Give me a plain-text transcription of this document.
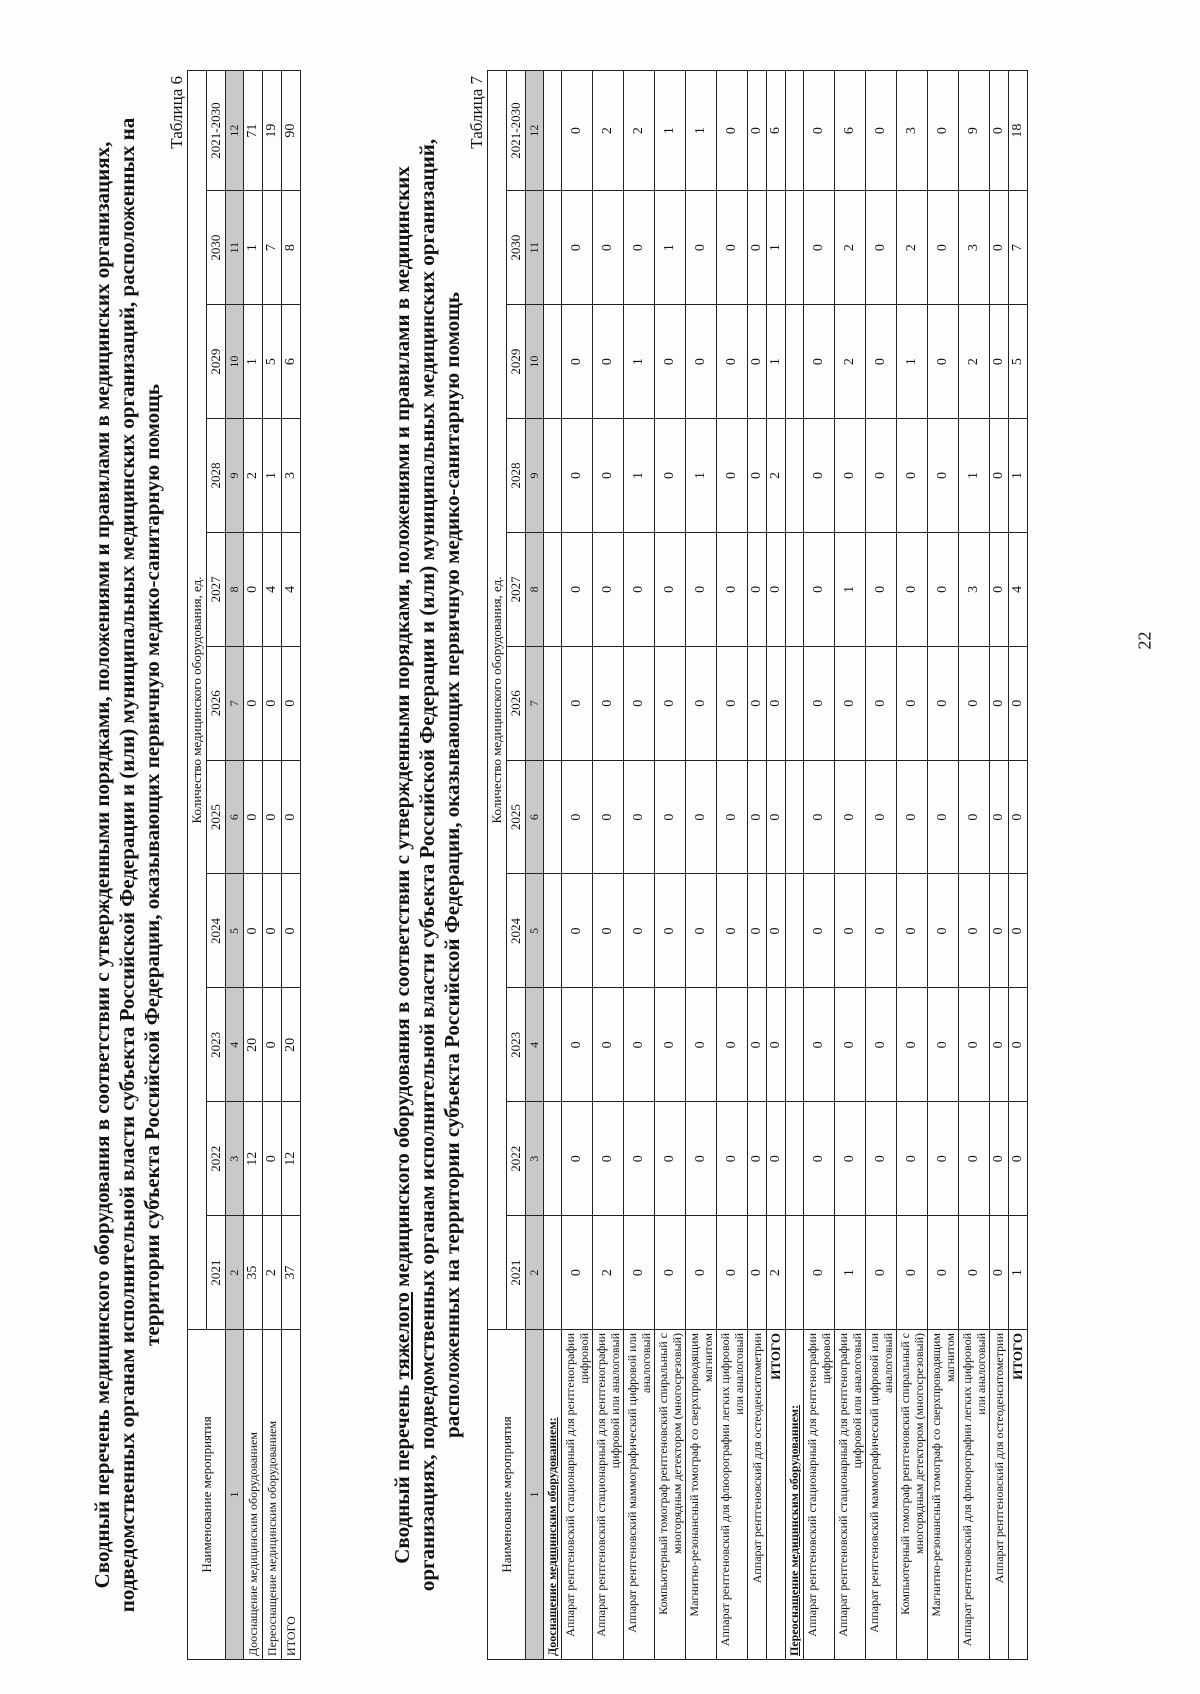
Сводный перечень медицинского оборудования в соответствии с утвержденными порядками, положениями и правилами в медицинских организациях, подведомственных органам исполнительной власти субъекта Российской Федерации и (или) муниципальных медицинских организаций, расположенных на территории субъекта Российской Федерации, оказывающих первичную медико-санитарную помощь
Таблица 6
Наименование мероприятия	Количество медицинского оборудования, ед.										
	2021	2022	2023	2024	2025	2026	2027	2028	2029	2030	2021-2030
1	2	3	4	5	6	7	8	9	10	11	12
Дооснащение медицинским оборудованием	35	12	20	0	0	0	0	2	1	1	71
Переоснащение медицинским оборудованием	2	0	0	0	0	0	4	1	5	7	19
ИТОГО	37	12	20	0	0	0	4	3	6	8	90
Сводный перечень тяжелого медицинского оборудования в соответствии с утвержденными порядками, положениями и правилами в медицинских организациях, подведомственных органам исполнительной власти субъекта Российской Федерации и (или) муниципальных медицинских организаций, расположенных на территории субъекта Российской Федерации, оказывающих первичную медико-санитарную помощь
Таблица 7
Наименование мероприятия	Количество медицинского оборудования, ед.										
	2021	2022	2023	2024	2025	2026	2027	2028	2029	2030	2021-2030
1	2	3	4	5	6	7	8	9	10	11	12
Дооснащение медицинским оборудованием:											
Аппарат рентгеновский стационарный для рентгенографии цифровой	0	0	0	0	0	0	0	0	0	0	0
Аппарат рентгеновский стационарный для рентгенографии цифровой или аналоговый	2	0	0	0	0	0	0	0	0	0	2
Аппарат рентгеновский маммографический цифровой или аналоговый	0	0	0	0	0	0	0	1	1	0	2
Компьютерный томограф рентгеновский спиральный с многорядным детектором (многосрезовый)	0	0	0	0	0	0	0	0	0	1	1
Магнитно-резонансный томограф со сверхпроводящим магнитом	0	0	0	0	0	0	0	1	0	0	1
Аппарат рентгеновский для флюорографии легких цифровой или аналоговый	0	0	0	0	0	0	0	0	0	0	0
Аппарат рентгеновский для остеоденситометрии	0	0	0	0	0	0	0	0	0	0	0
ИТОГО	2	0	0	0	0	0	0	2	1	1	6
Переоснащение медицинским оборудованием:											
Аппарат рентгеновский стационарный для рентгенографии цифровой	0	0	0	0	0	0	0	0	0	0	0
Аппарат рентгеновский стационарный для рентгенографии цифровой или аналоговый	1	0	0	0	0	0	1	0	2	2	6
Аппарат рентгеновский маммографический цифровой или аналоговый	0	0	0	0	0	0	0	0	0	0	0
Компьютерный томограф рентгеновский спиральный с многорядным детектором (многосрезовый)	0	0	0	0	0	0	0	0	1	2	3
Магнитно-резонансный томограф со сверхпроводящим магнитом	0	0	0	0	0	0	0	0	0	0	0
Аппарат рентгеновский для флюорографии легких цифровой или аналоговый	0	0	0	0	0	0	3	1	2	3	9
Аппарат рентгеновский для остеоденситометрии	0	0	0	0	0	0	0	0	0	0	0
ИТОГО	1	0	0	0	0	0	4	1	5	7	18
22
